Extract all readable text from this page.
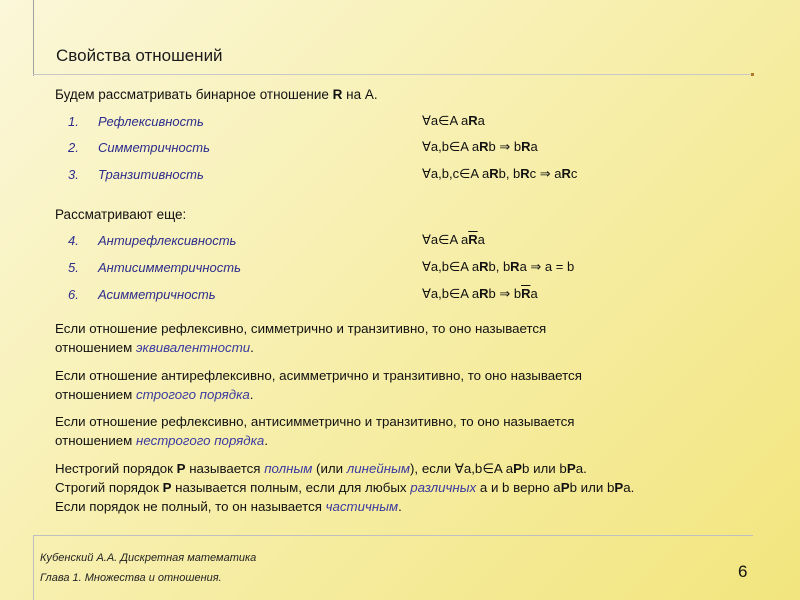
Свойства отношений
Будем рассматривать бинарное отношение R на А.
1. Рефлексивность	∀a∈A aRa
2. Симметричность	∀a,b∈A aRb ⇒ bRa
3. Транзитивность	∀a,b,c∈A aRb, bRc ⇒ aRc
Рассматривают еще:
4. Антирефлексивность	∀a∈A $a\overline{R}a$
5. Антисимметричность	∀a,b∈A aRb, bRa ⇒ a = b
6. Асимметричность	∀a,b∈A aRb ⇒ $b\overline{R}a$
Если отношение рефлексивно, симметрично и транзитивно, то оно называется
отношением эквивалентности.
Если отношение антирефлексивно, асимметрично и транзитивно, то оно называется
отношением строгого порядка.
Если отношение рефлексивно, антисимметрично и транзитивно, то оно называется
отношением нестрогого порядка.
Нестрогий порядок P называется полным (или линейным), если ∀a,b∈A aPb или bPa.
Строгий порядок P называется полным, если для любых различных a и b верно aPb или bPa.
Если порядок не полный, то он называется частичным.
Кубенский А.А. Дискретная математика
Глава 1. Множества и отношения.	6
